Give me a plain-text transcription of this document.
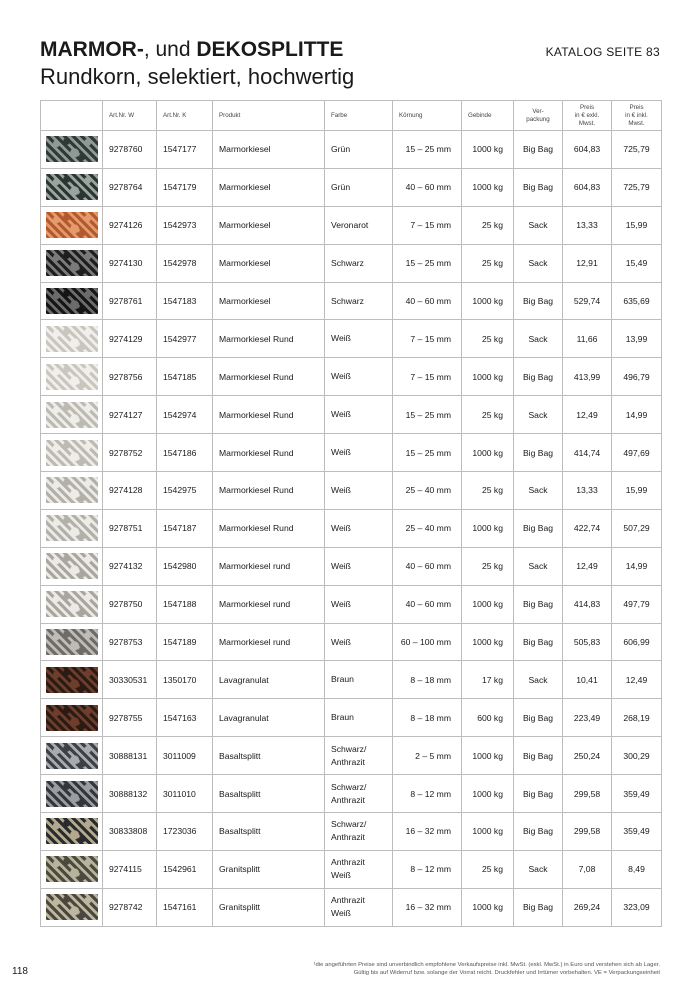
MARMOR-, und DEKOSPLITTE
Rundkorn, selektiert, hochwertig
KATALOG SEITE 83
	Art.Nr. W	Art.Nr. K	Produkt	Farbe	Körnung	Gebinde	Ver-
packung	Preis
in € exkl.
Mwst.	Preis
in € inkl.
Mwst.

	9278760	1547177	Marmorkiesel	Grün	15 – 25 mm	1000 kg	Big Bag	604,83	725,79

	9278764	1547179	Marmorkiesel	Grün	40 – 60 mm	1000 kg	Big Bag	604,83	725,79

	9274126	1542973	Marmorkiesel	Veronarot	7 – 15 mm	25 kg	Sack	13,33	15,99

	9274130	1542978	Marmorkiesel	Schwarz	15 – 25 mm	25 kg	Sack	12,91	15,49

	9278761	1547183	Marmorkiesel	Schwarz	40 – 60 mm	1000 kg	Big Bag	529,74	635,69

	9274129	1542977	Marmorkiesel Rund	Weiß	7 – 15 mm	25 kg	Sack	11,66	13,99

	9278756	1547185	Marmorkiesel Rund	Weiß	7 – 15 mm	1000 kg	Big Bag	413,99	496,79

	9274127	1542974	Marmorkiesel Rund	Weiß	15 – 25 mm	25 kg	Sack	12,49	14,99

	9278752	1547186	Marmorkiesel Rund	Weiß	15 – 25 mm	1000 kg	Big Bag	414,74	497,69

	9274128	1542975	Marmorkiesel Rund	Weiß	25 – 40 mm	25 kg	Sack	13,33	15,99

	9278751	1547187	Marmorkiesel Rund	Weiß	25 – 40 mm	1000 kg	Big Bag	422,74	507,29

	9274132	1542980	Marmorkiesel rund	Weiß	40 – 60 mm	25 kg	Sack	12,49	14,99

	9278750	1547188	Marmorkiesel rund	Weiß	40 – 60 mm	1000 kg	Big Bag	414,83	497,79

	9278753	1547189	Marmorkiesel rund	Weiß	60 – 100 mm	1000 kg	Big Bag	505,83	606,99

	30330531	1350170	Lavagranulat	Braun	8 – 18 mm	17 kg	Sack	10,41	12,49

	9278755	1547163	Lavagranulat	Braun	8 – 18 mm	600 kg	Big Bag	223,49	268,19

	30888131	3011009	Basaltsplitt	Schwarz/
Anthrazit	2 – 5 mm	1000 kg	Big Bag	250,24	300,29

	30888132	3011010	Basaltsplitt	Schwarz/
Anthrazit	8 – 12 mm	1000 kg	Big Bag	299,58	359,49

	30833808	1723036	Basaltsplitt	Schwarz/
Anthrazit	16 – 32 mm	1000 kg	Big Bag	299,58	359,49

	9274115	1542961	Granitsplitt	Anthrazit
Weiß	8 – 12 mm	25 kg	Sack	7,08	8,49

	9278742	1547161	Granitsplitt	Anthrazit
Weiß	16 – 32 mm	1000 kg	Big Bag	269,24	323,09
118
¹die angeführten Preise sind unverbindlich empfohlene Verkaufspreise inkl. MwSt. (exkl. MwSt.) in Euro und verstehen sich ab Lager.
Gültig bis auf Widerruf bzw. solange der Vorrat reicht. Druckfehler und Irrtümer vorbehalten. VE = Verpackungseinheit
